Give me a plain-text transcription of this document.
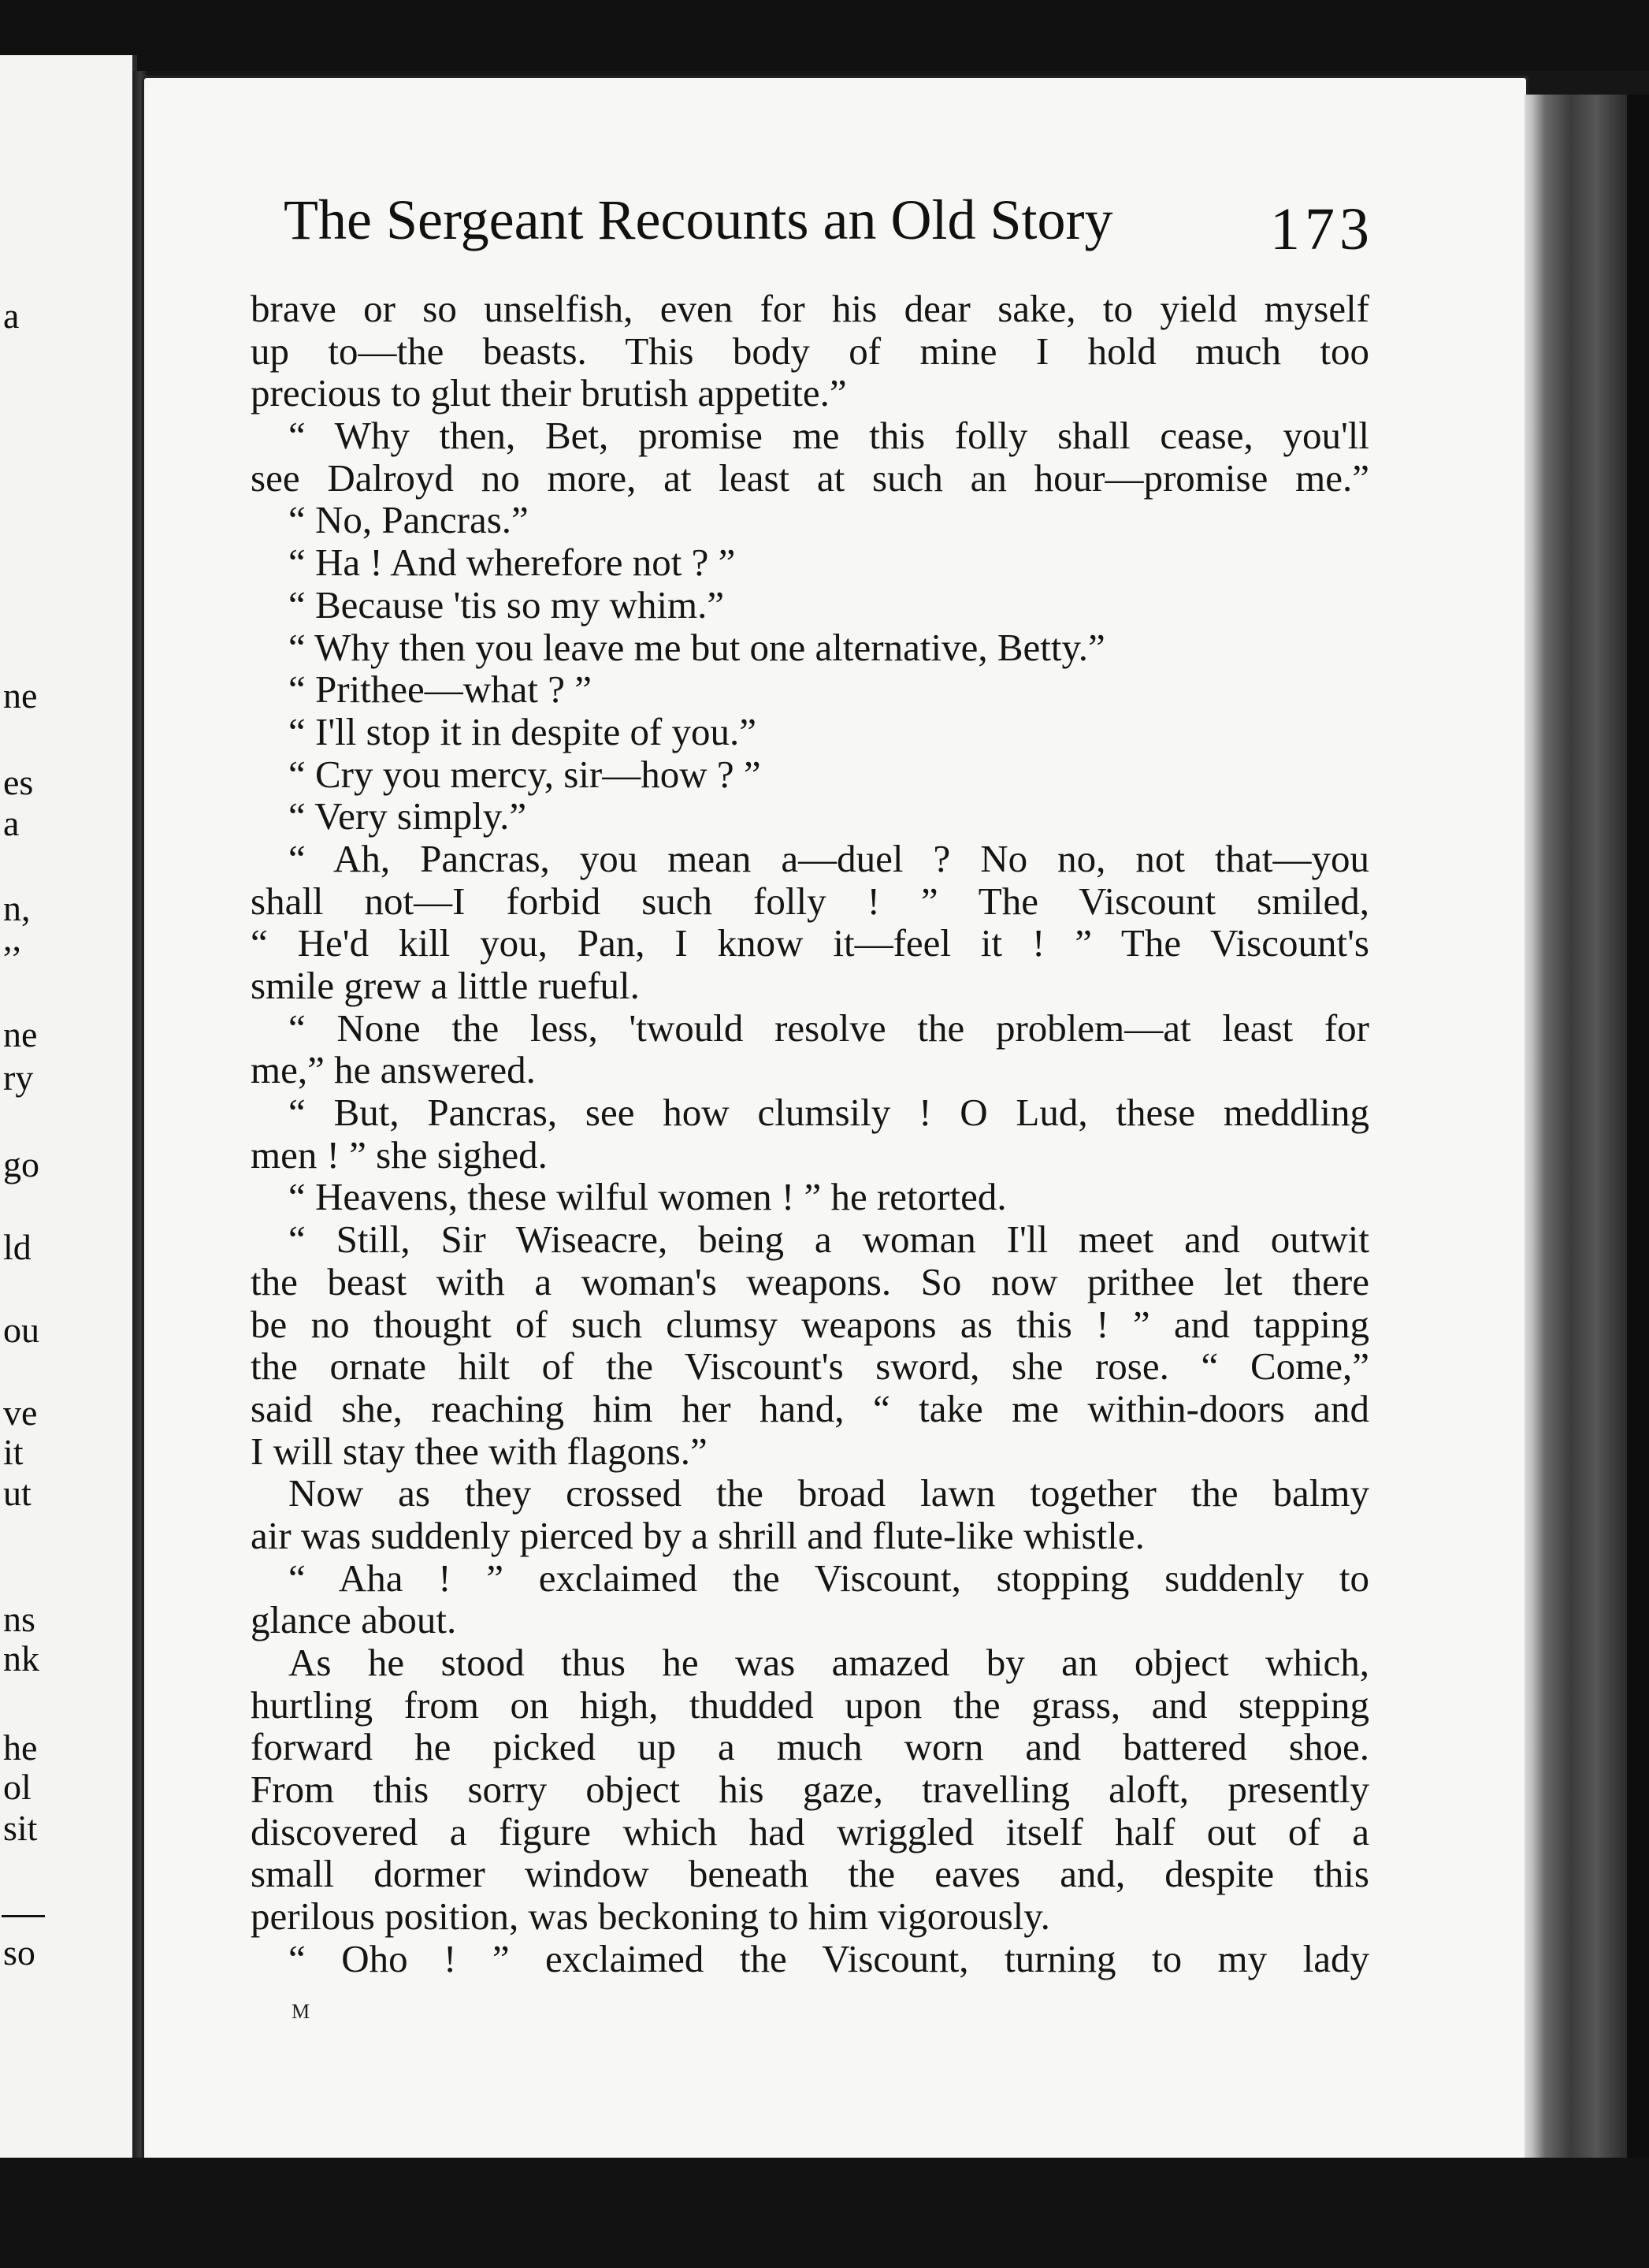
a
ne
es
a
n,
,,
ne
ry
go
ld
ou
ve
it
ut
ns
nk
he
ol
sit
so
The Sergeant Recounts an Old Story	173
brave or so unselfish, even for his dear sake, to yield myself
up to—the beasts. This body of mine I hold much too
precious to glut their brutish appetite.”
“ Why then, Bet, promise me this folly shall cease, you'll
see Dalroyd no more, at least at such an hour—promise me.”
“ No, Pancras.”
“ Ha ! And wherefore not ? ”
“ Because 'tis so my whim.”
“ Why then you leave me but one alternative, Betty.”
“ Prithee—what ? ”
“ I'll stop it in despite of you.”
“ Cry you mercy, sir—how ? ”
“ Very simply.”
“ Ah, Pancras, you mean a—duel ? No no, not that—you
shall not—I forbid such folly ! ” The Viscount smiled,
“ He'd kill you, Pan, I know it—feel it ! ” The Viscount's
smile grew a little rueful.
“ None the less, 'twould resolve the problem—at least for
me,” he answered.
“ But, Pancras, see how clumsily ! O Lud, these meddling
men ! ” she sighed.
“ Heavens, these wilful women ! ” he retorted.
“ Still, Sir Wiseacre, being a woman I'll meet and outwit
the beast with a woman's weapons. So now prithee let there
be no thought of such clumsy weapons as this ! ” and tapping
the ornate hilt of the Viscount's sword, she rose. “ Come,”
said she, reaching him her hand, “ take me within-doors and
I will stay thee with flagons.”
Now as they crossed the broad lawn together the balmy
air was suddenly pierced by a shrill and flute-like whistle.
“ Aha ! ” exclaimed the Viscount, stopping suddenly to
glance about.
As he stood thus he was amazed by an object which,
hurtling from on high, thudded upon the grass, and stepping
forward he picked up a much worn and battered shoe.
From this sorry object his gaze, travelling aloft, presently
discovered a figure which had wriggled itself half out of a
small dormer window beneath the eaves and, despite this
perilous position, was beckoning to him vigorously.
“ Oho ! ” exclaimed the Viscount, turning to my lady
M
